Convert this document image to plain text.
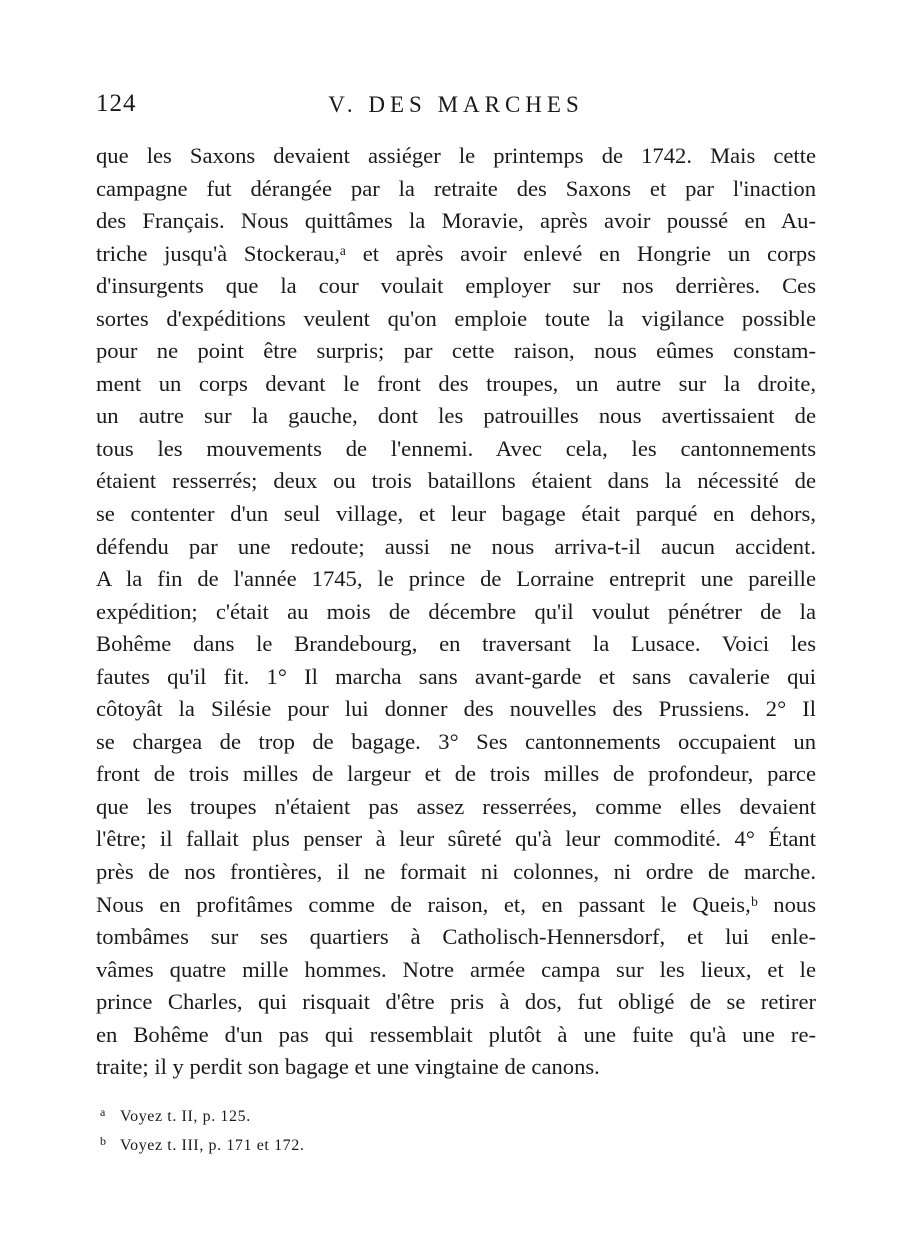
124	V. DES MARCHES
que les Saxons devaient assiéger le printemps de 1742. Mais cette
campagne fut dérangée par la retraite des Saxons et par l'inaction
des Français. Nous quittâmes la Moravie, après avoir poussé en Au-
triche jusqu'à Stockerau,ᵃ et après avoir enlevé en Hongrie un corps
d'insurgents que la cour voulait employer sur nos derrières. Ces
sortes d'expéditions veulent qu'on emploie toute la vigilance possible
pour ne point être surpris; par cette raison, nous eûmes constam-
ment un corps devant le front des troupes, un autre sur la droite,
un autre sur la gauche, dont les patrouilles nous avertissaient de
tous les mouvements de l'ennemi. Avec cela, les cantonnements
étaient resserrés; deux ou trois bataillons étaient dans la nécessité de
se contenter d'un seul village, et leur bagage était parqué en dehors,
défendu par une redoute; aussi ne nous arriva-t-il aucun accident.
A la fin de l'année 1745, le prince de Lorraine entreprit une pareille
expédition; c'était au mois de décembre qu'il voulut pénétrer de la
Bohême dans le Brandebourg, en traversant la Lusace. Voici les
fautes qu'il fit. 1° Il marcha sans avant-garde et sans cavalerie qui
côtoyât la Silésie pour lui donner des nouvelles des Prussiens. 2° Il
se chargea de trop de bagage. 3° Ses cantonnements occupaient un
front de trois milles de largeur et de trois milles de profondeur, parce
que les troupes n'étaient pas assez resserrées, comme elles devaient
l'être; il fallait plus penser à leur sûreté qu'à leur commodité. 4° Étant
près de nos frontières, il ne formait ni colonnes, ni ordre de marche.
Nous en profitâmes comme de raison, et, en passant le Queis,ᵇ nous
tombâmes sur ses quartiers à Catholisch-Hennersdorf, et lui enle-
vâmes quatre mille hommes. Notre armée campa sur les lieux, et le
prince Charles, qui risquait d'être pris à dos, fut obligé de se retirer
en Bohême d'un pas qui ressemblait plutôt à une fuite qu'à une re-
traite; il y perdit son bagage et une vingtaine de canons.
a Voyez t. II, p. 125.
b Voyez t. III, p. 171 et 172.
